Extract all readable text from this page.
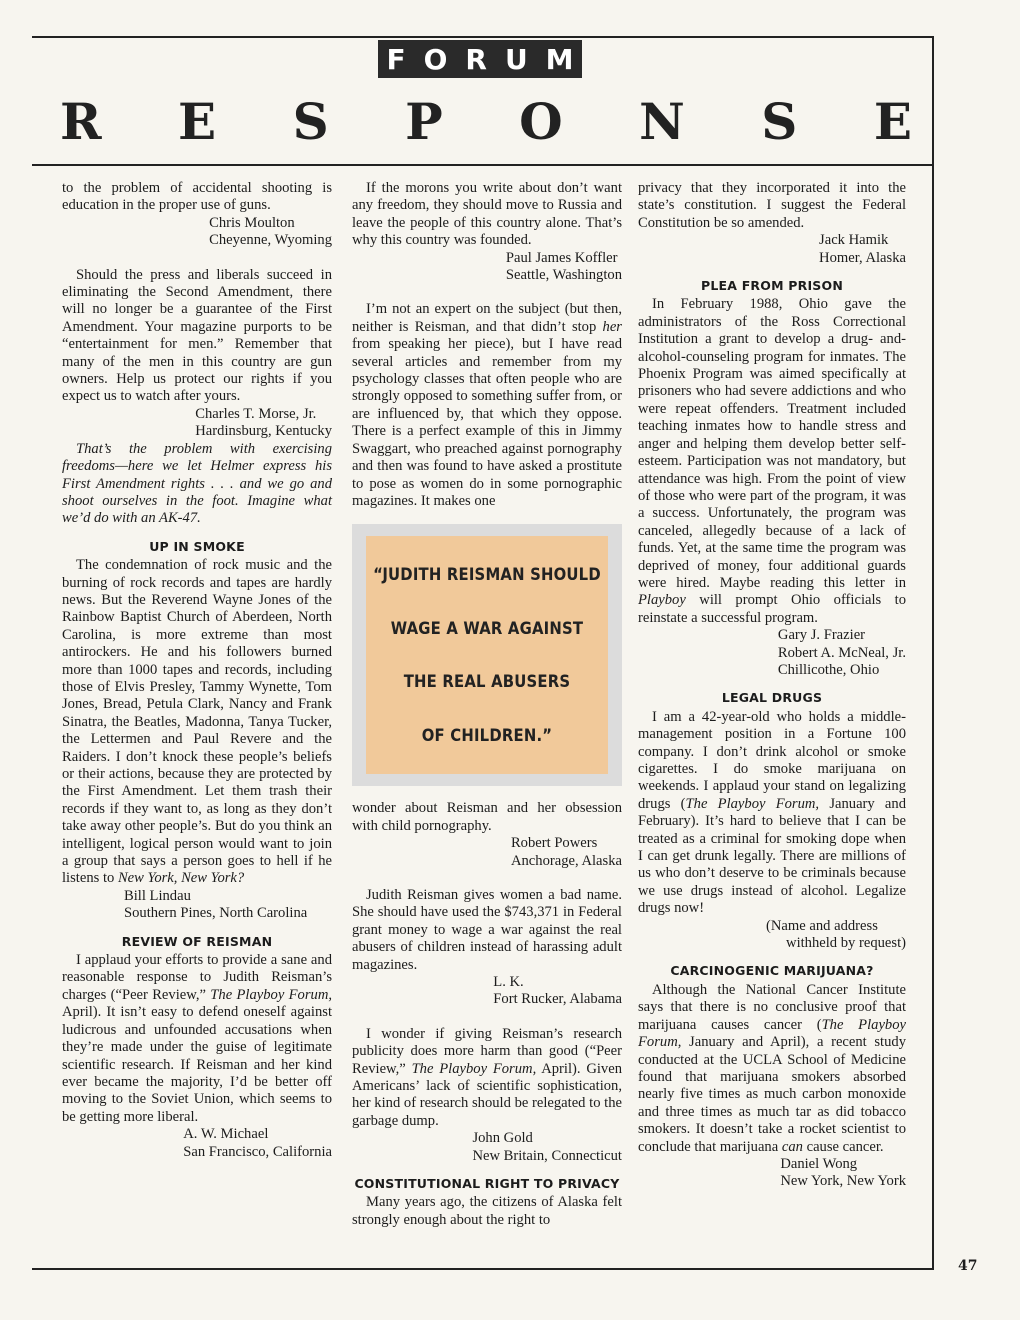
FORUM
R E S P O N S E

to the problem of accidental shooting is education in the proper use of guns.

Chris Moulton
Cheyenne, Wyoming

Should the press and liberals succeed in eliminating the Second Amendment, there will no longer be a guarantee of the First Amendment. Your magazine purports to be “entertainment for men.” Remember that many of the men in this country are gun owners. Help us protect our rights if you expect us to watch after yours.

Charles T. Morse, Jr.
Hardinsburg, Kentucky

That’s the problem with exercising freedoms—here we let Helmer express his First Amendment rights . . . and we go and shoot ourselves in the foot. Imagine what we’d do with an AK-47.

UP IN SMOKE

The condemnation of rock music and the burning of rock records and tapes are hardly news. But the Reverend Wayne Jones of the Rainbow Baptist Church of Aberdeen, North Carolina, is more extreme than most antirockers. He and his followers burned more than 1000 tapes and records, including those of Elvis Presley, Tammy Wynette, Tom Jones, Bread, Petula Clark, Nancy and Frank Sinatra, the Beatles, Madonna, Tanya Tucker, the Lettermen and Paul Revere and the Raiders. I don’t knock these people’s beliefs or their actions, because they are protected by the First Amendment. Let them trash their records if they want to, as long as they don’t take away other people’s. But do you think an intelligent, logical person would want to join a group that says a person goes to hell if he listens to New York, New York?

Bill Lindau
Southern Pines, North Carolina
REVIEW OF REISMAN

I applaud your efforts to provide a sane and reasonable response to Judith Reisman’s charges (“Peer Review,” The Playboy Forum, April). It isn’t easy to defend oneself against ludicrous and unfounded accusations when they’re made under the guise of legitimate scientific research. If Reisman and her kind ever became the majority, I’d be better off moving to the Soviet Union, which seems to be getting more liberal.

A. W. Michael
San Francisco, California

If the morons you write about don’t want any freedom, they should move to Russia and leave the people of this country alone. That’s why this country was founded.

Paul James Koffler
Seattle, Washington

I’m not an expert on the subject (but then, neither is Reisman, and that didn’t stop her from speaking her piece), but I have read several articles and remember from my psychology classes that often people who are strongly opposed to something suffer from, or are influenced by, that which they oppose. There is a perfect example of this in Jimmy Swaggart, who preached against pornography and then was found to have asked a prostitute to pose as women do in some pornographic magazines. It makes one

“JUDITH REISMAN SHOULD
WAGE A WAR AGAINST
THE REAL ABUSERS
OF CHILDREN.”

wonder about Reisman and her obsession with child pornography.

Robert Powers
Anchorage, Alaska

Judith Reisman gives women a bad name. She should have used the $743,371 in Federal grant money to wage a war against the real abusers of children instead of harassing adult magazines.

L. K.
Fort Rucker, Alabama

I wonder if giving Reisman’s research publicity does more harm than good (“Peer Review,” The Playboy Forum, April). Given Americans’ lack of scientific sophistication, her kind of research should be relegated to the garbage dump.

John Gold
New Britain, Connecticut
CONSTITUTIONAL RIGHT TO PRIVACY

Many years ago, the citizens of Alaska felt strongly enough about the right to

privacy that they incorporated it into the state’s constitution. I suggest the Federal Constitution be so amended.

Jack Hamik
Homer, Alaska
PLEA FROM PRISON

In February 1988, Ohio gave the administrators of the Ross Correctional Institution a grant to develop a drug- and-alcohol-counseling program for inmates. The Phoenix Program was aimed specifically at prisoners who had severe addictions and who were repeat offenders. Treatment included teaching inmates how to handle stress and anger and helping them develop better self-esteem. Participation was not mandatory, but attendance was high. From the point of view of those who were part of the program, it was a success. Unfortunately, the program was canceled, allegedly because of a lack of funds. Yet, at the same time the program was deprived of money, four additional guards were hired. Maybe reading this letter in Playboy will prompt Ohio officials to reinstate a successful program.

Gary J. Frazier
Robert A. McNeal, Jr.
Chillicothe, Ohio
LEGAL DRUGS

I am a 42-year-old who holds a middle-management position in a Fortune 100 company. I don’t drink alcohol or smoke cigarettes. I do smoke marijuana on weekends. I applaud your stand on legalizing drugs (The Playboy Forum, January and February). It’s hard to believe that I can be treated as a criminal for smoking dope when I can get drunk legally. There are millions of us who don’t deserve to be criminals because we use drugs instead of alcohol. Legalize drugs now!

(Name and address
withheld by request)
CARCINOGENIC MARIJUANA?

Although the National Cancer Institute says that there is no conclusive proof that marijuana causes cancer (The Playboy Forum, January and April), a recent study conducted at the UCLA School of Medicine found that marijuana smokers absorbed nearly five times as much carbon monoxide and three times as much tar as did tobacco smokers. It doesn’t take a rocket scientist to conclude that marijuana can cause cancer.

Daniel Wong
New York, New York
47
